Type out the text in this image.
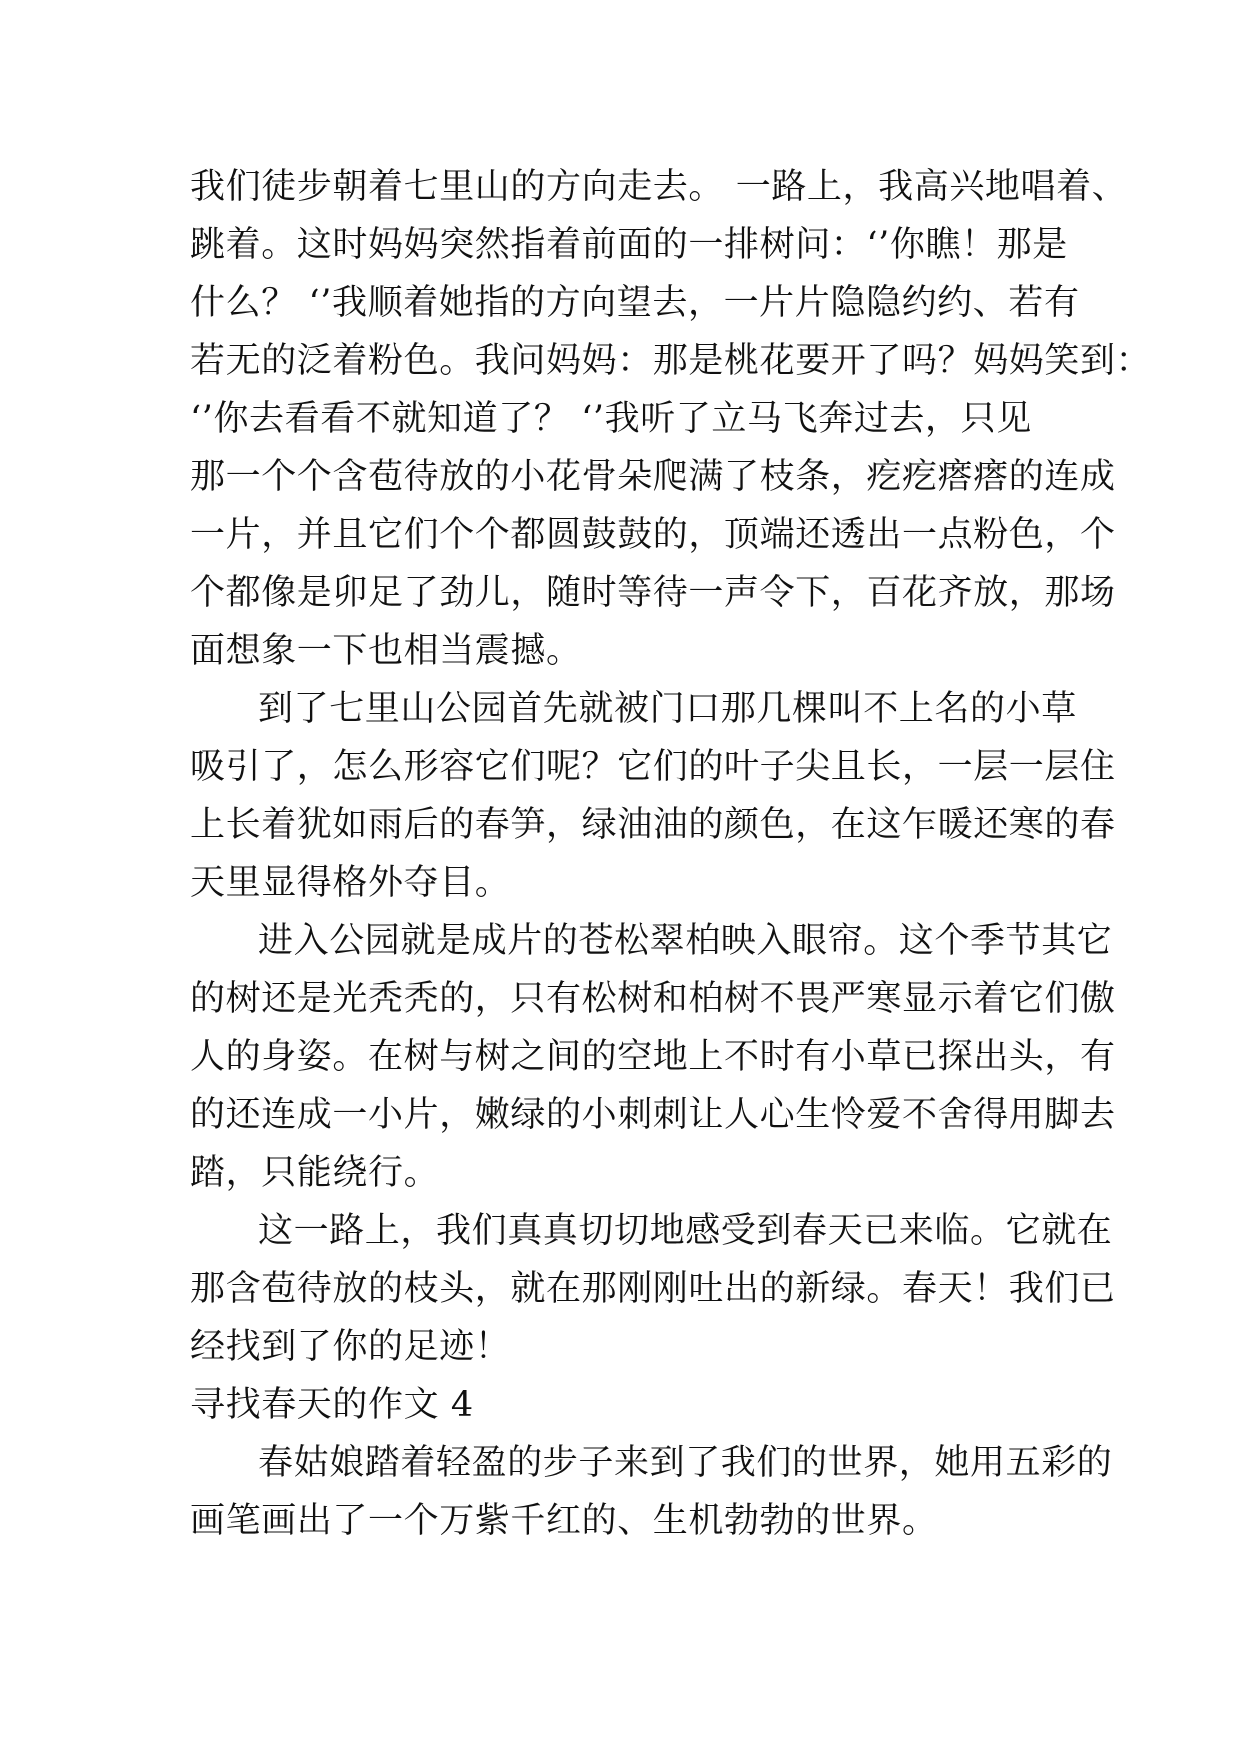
我们徒步朝着七里山的方向走去。 一路上，我高兴地唱着、
跳着。这时妈妈突然指着前面的一排树问：‘’你瞧！那是
什么？ ‘’我顺着她指的方向望去，一片片隐隐约约、若有
若无的泛着粉色。我问妈妈：那是桃花要开了吗？妈妈笑到：
‘’你去看看不就知道了？ ‘’我听了立马飞奔过去，只见
那一个个含苞待放的小花骨朵爬满了枝条，疙疙瘩瘩的连成
一片，并且它们个个都圆鼓鼓的，顶端还透出一点粉色，个
个都像是卯足了劲儿，随时等待一声令下，百花齐放，那场
面想象一下也相当震撼。
到了七里山公园首先就被门口那几棵叫不上名的小草
吸引了，怎么形容它们呢？它们的叶子尖且长，一层一层住
上长着犹如雨后的春笋，绿油油的颜色，在这乍暖还寒的春
天里显得格外夺目。
进入公园就是成片的苍松翠柏映入眼帘。这个季节其它
的树还是光秃秃的，只有松树和柏树不畏严寒显示着它们傲
人的身姿。在树与树之间的空地上不时有小草已探出头，有
的还连成一小片，嫩绿的小刺刺让人心生怜爱不舍得用脚去
踏，只能绕行。
这一路上，我们真真切切地感受到春天已来临。它就在
那含苞待放的枝头，就在那刚刚吐出的新绿。春天！我们已
经找到了你的足迹！
寻找春天的作文 4
春姑娘踏着轻盈的步子来到了我们的世界，她用五彩的
画笔画出了一个万紫千红的、生机勃勃的世界。
